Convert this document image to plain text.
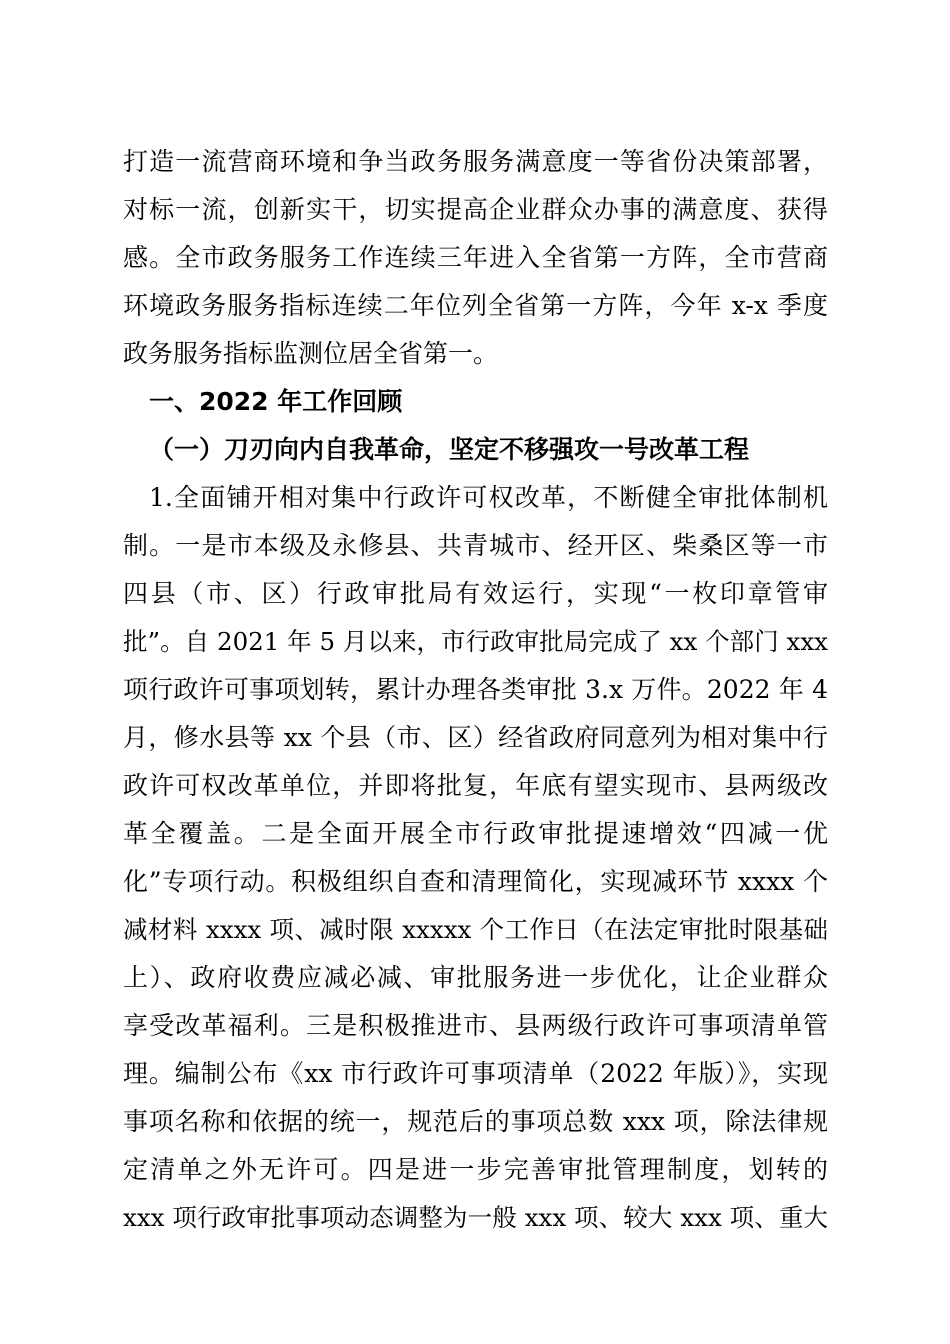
打造一流营商环境和争当政务服务满意度一等省份决策部署，
对标一流，创新实干，切实提高企业群众办事的满意度、获得
感。全市政务服务工作连续三年进入全省第一方阵，全市营商
环境政务服务指标连续二年位列全省第一方阵，今年 x-x 季度
政务服务指标监测位居全省第一。
一、2022 年工作回顾
（一）刀刃向内自我革命，坚定不移强攻一号改革工程
1.全面铺开相对集中行政许可权改革，不断健全审批体制机
制。一是市本级及永修县、共青城市、经开区、柴桑区等一市
四县（市、区）行政审批局有效运行，实现“一枚印章管审
批”。自 2021 年 5 月以来，市行政审批局完成了 xx 个部门 xxx
项行政许可事项划转，累计办理各类审批 3.x 万件。2022 年 4
月，修水县等 xx 个县（市、区）经省政府同意列为相对集中行
政许可权改革单位，并即将批复，年底有望实现市、县两级改
革全覆盖。二是全面开展全市行政审批提速增效“四减一优
化”专项行动。积极组织自查和清理简化，实现减环节 xxxx 个
减材料 xxxx 项、减时限 xxxxx 个工作日（在法定审批时限基础
上）、政府收费应减必减、审批服务进一步优化，让企业群众
享受改革福利。三是积极推进市、县两级行政许可事项清单管
理。编制公布《xx 市行政许可事项清单（2022 年版）》，实现
事项名称和依据的统一，规范后的事项总数 xxx 项，除法律规
定清单之外无许可。四是进一步完善审批管理制度，划转的
xxx 项行政审批事项动态调整为一般 xxx 项、较大 xxx 项、重大
